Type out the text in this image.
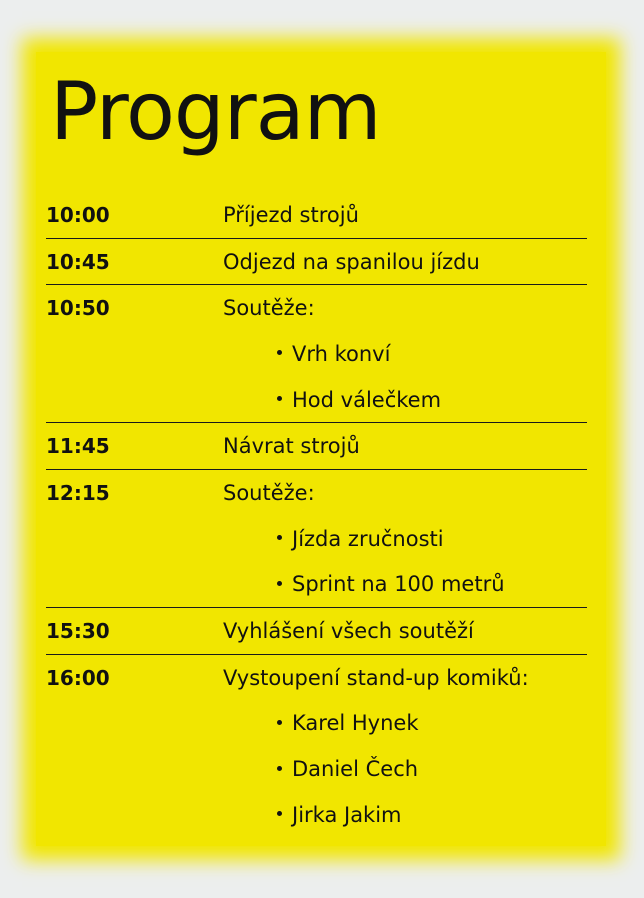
Program
10:00	Příjezd strojů
10:45	Odjezd na spanilou jízdu
10:50	Soutěže:
Vrh konví
Hod válečkem
11:45	Návrat strojů
12:15	Soutěže:
Jízda zručnosti
Sprint na 100 metrů
15:30	Vyhlášení všech soutěží
16:00	Vystoupení stand-up komiků:
Karel Hynek
Daniel Čech
Jirka Jakim
